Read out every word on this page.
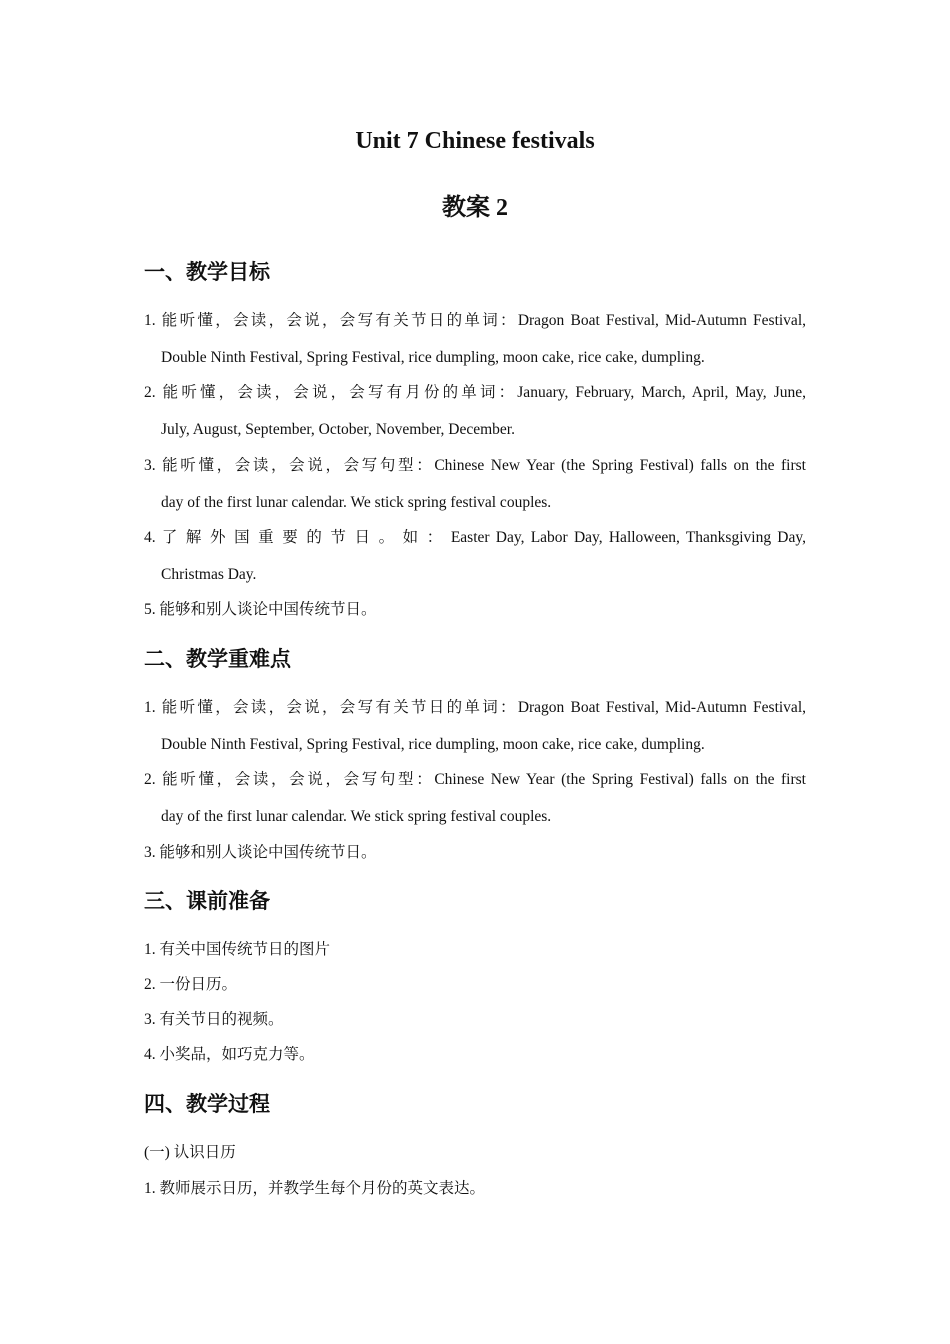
Unit 7 Chinese festivals
教案 2
一、教学目标
1. 能听懂，会读，会说，会写有关节日的单词：Dragon Boat Festival, Mid-Autumn Festival,
Double Ninth Festival, Spring Festival, rice dumpling, moon cake, rice cake, dumpling.
2. 能听懂，会读，会说，会写有月份的单词：January, February, March, April, May, June,
July, August, September, October, November, December.
3. 能听懂，会读，会说，会写句型：Chinese New Year (the Spring Festival) falls on the first
day of the first lunar calendar. We stick spring festival couples.
4. 了 解 外 国 重 要 的 节 日 。 如 ： Easter Day, Labor Day, Halloween, Thanksgiving Day,
Christmas Day.
5. 能够和别人谈论中国传统节日。
二、教学重难点
1. 能听懂，会读，会说，会写有关节日的单词：Dragon Boat Festival, Mid-Autumn Festival,
Double Ninth Festival, Spring Festival, rice dumpling, moon cake, rice cake, dumpling.
2. 能听懂，会读，会说，会写句型：Chinese New Year (the Spring Festival) falls on the first
day of the first lunar calendar. We stick spring festival couples.
3. 能够和别人谈论中国传统节日。
三、课前准备
1. 有关中国传统节日的图片
2. 一份日历。
3. 有关节日的视频。
4. 小奖品，如巧克力等。
四、教学过程
(一) 认识日历
1. 教师展示日历，并教学生每个月份的英文表达。
